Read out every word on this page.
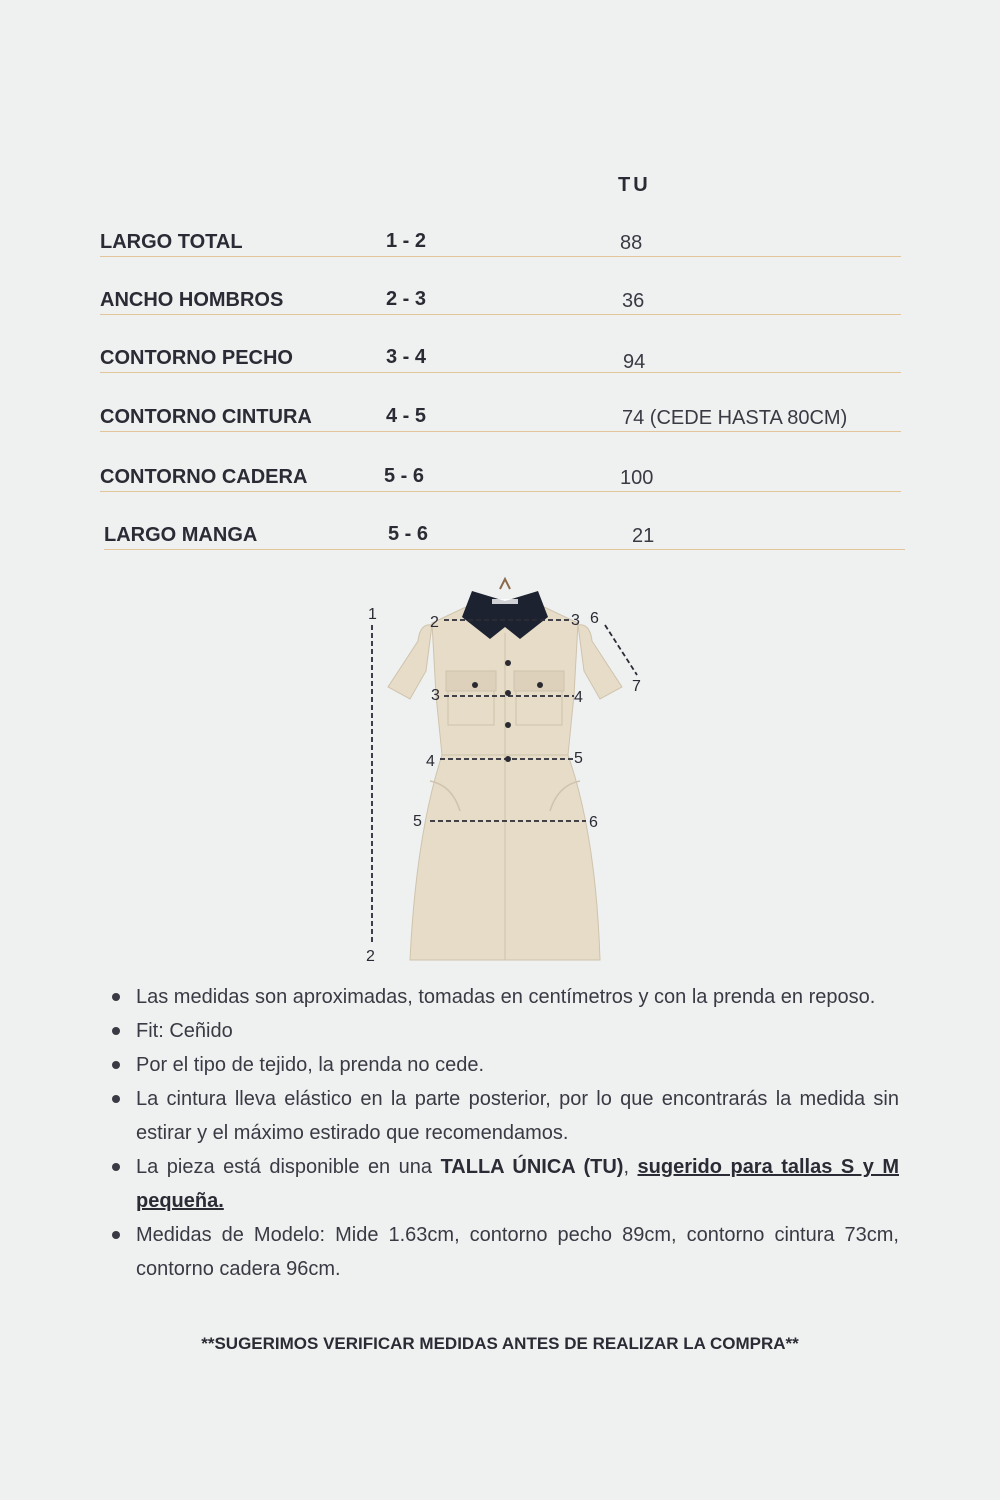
TU
LARGO TOTAL	1 - 2	88
ANCHO HOMBROS	2 - 3	36
CONTORNO PECHO	3 - 4	94
CONTORNO CINTURA	4 - 5	74 (CEDE HASTA 80CM)
CONTORNO CADERA	5 - 6	100
LARGO MANGA	5 - 6	21
1
2
2	3 6
7
3	4
4	5
5	6
Las medidas son aproximadas, tomadas en centímetros y con la prenda en reposo.
Fit: Ceñido
Por el tipo de tejido, la prenda no cede.
La cintura lleva elástico en la parte posterior, por lo que encontrarás la medida sin estirar y el máximo estirado que recomendamos.
La pieza está disponible en una TALLA ÚNICA (TU), sugerido para tallas S y M pequeña.
Medidas de Modelo: Mide 1.63cm, contorno pecho 89cm, contorno cintura 73cm, contorno cadera 96cm.
**SUGERIMOS VERIFICAR MEDIDAS ANTES DE REALIZAR LA COMPRA**
